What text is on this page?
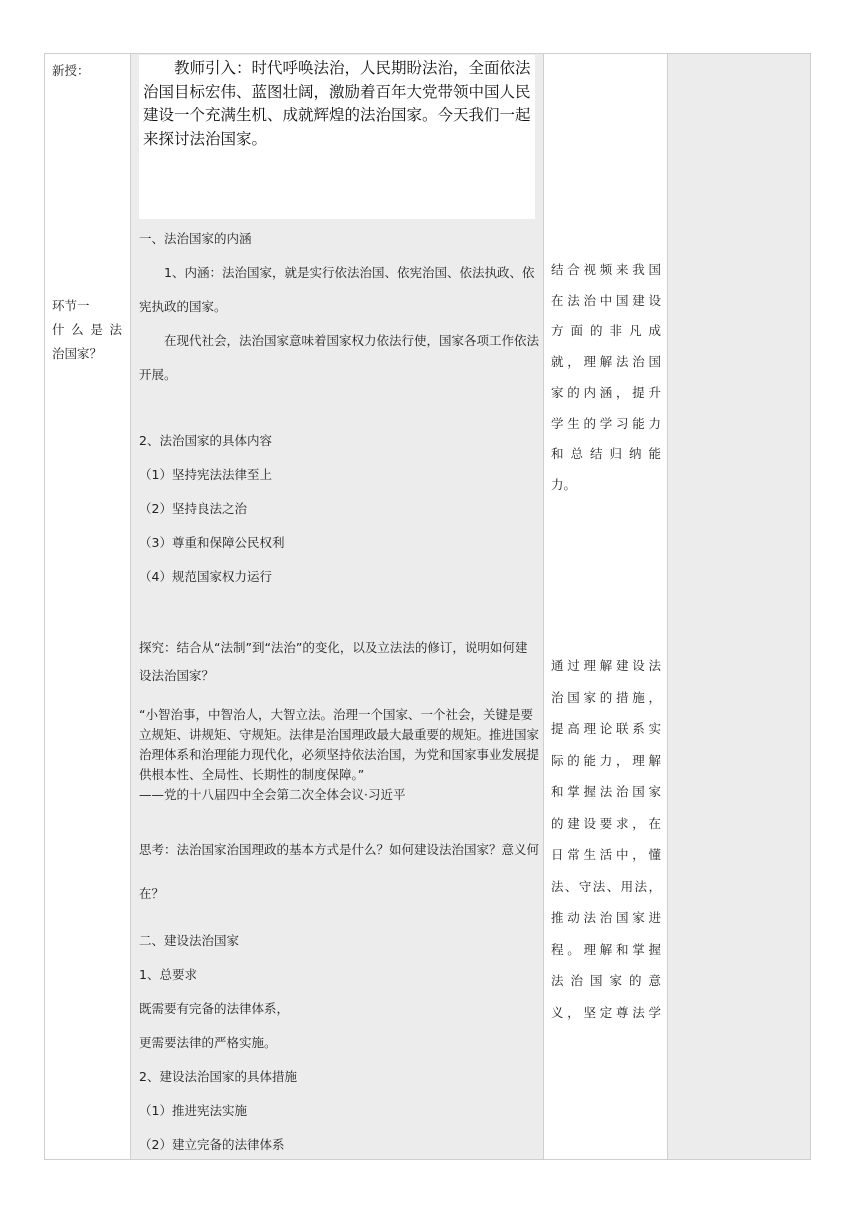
新授：
环节一
什 么 是 法
治国家？

教师引入：时代呼唤法治，人民期盼法治，全面依法治国目标宏伟、蓝图壮阔，激励着百年大党带领中国人民建设一个充满生机、成就辉煌的法治国家。今天我们一起来探讨法治国家。

一、法治国家的内涵

1、内涵：法治国家，就是实行依法治国、依宪治国、依法执政、依宪执政的国家。

在现代社会，法治国家意味着国家权力依法行使，国家各项工作依法开展。

2、法治国家的具体内容

（1）坚持宪法法律至上

（2）坚持良法之治

（3）尊重和保障公民权利

（4）规范国家权力运行

探究：结合从“法制”到“法治”的变化，以及立法法的修订，说明如何建设法治国家？

“小智治事，中智治人，大智立法。治理一个国家、一个社会，关键是要立规矩、讲规矩、守规矩。法律是治国理政最大最重要的规矩。推进国家治理体系和治理能力现代化，必须坚持依法治国，为党和国家事业发展提供根本性、全局性、长期性的制度保障。”

——党的十八届四中全会第二次全体会议·习近平

思考：法治国家治国理政的基本方式是什么？如何建设法治国家？意义何在？

二、建设法治国家

1、总要求

既需要有完备的法律体系，

更需要法律的严格实施。

2、建设法治国家的具体措施

（1）推进宪法实施

（2）建立完备的法律体系

结合视频来我国
在法治中国建设
方面的非凡成
就，理解法治国
家的内涵，提升
学生的学习能力
和总结归纳能
力。
通过理解建设法
治国家的措施，
提高理论联系实
际的能力，理解
和掌握法治国家
的建设要求，在
日常生活中，懂
法、守法、用法，
推动法治国家进
程。理解和掌握
法治国家的意
义，坚定尊法学
